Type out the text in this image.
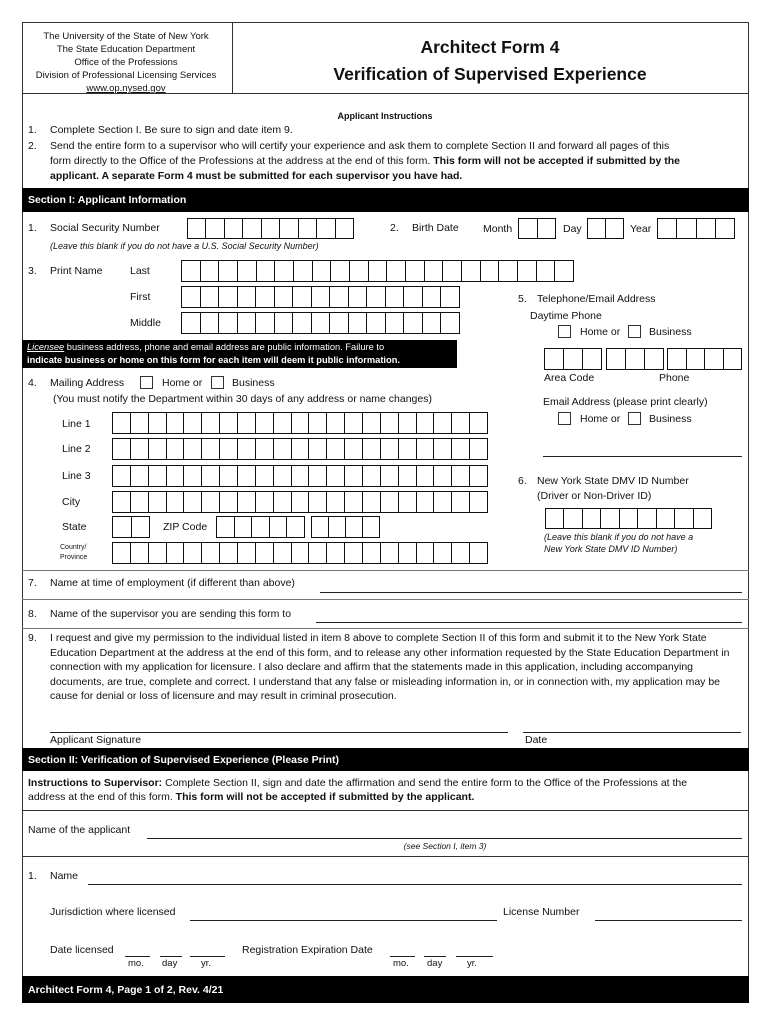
The University of the State of New York
The State Education Department
Office of the Professions
Division of Professional Licensing Services
www.op.nysed.gov
Architect Form 4
Verification of Supervised Experience
Applicant Instructions
1. Complete Section I. Be sure to sign and date item 9.
2. Send the entire form to a supervisor who will certify your experience and ask them to complete Section II and forward all pages of this
form directly to the Office of the Professions at the address at the end of this form. This form will not be accepted if submitted by the
applicant. A separate Form 4 must be submitted for each supervisor you have had.
Section I: Applicant Information
1. Social Security Number
(Leave this blank if you do not have a U.S. Social Security Number)
2. Birth Date Month	Day	Year
3. Print Name	Last
First
Middle
Licensee business address, phone and email address are public information. Failure to
indicate business or home on this form for each item will deem it public information.
4. Mailing Address	Home or	Business
(You must notify the Department within 30 days of any address or name changes)
Line 1
Line 2
Line 3
City
State	ZIP Code
Country/
Province
5. Telephone/Email Address
Daytime Phone
Home or	Business
Area Code	Phone
Email Address (please print clearly)
Home or	Business
6. New York State DMV ID Number
(Driver or Non-Driver ID)
(Leave this blank if you do not have a
New York State DMV ID Number)
7. Name at time of employment (if different than above)
8. Name of the supervisor you are sending this form to
9. I request and give my permission to the individual listed in item 8 above to complete Section II of this form and submit it to the New York State Education Department at the address at the end of this form, and to release any other information requested by the State Education Department in connection with my application for licensure. I also declare and affirm that the statements made in this application, including accompanying documents, are true, complete and correct. I understand that any false or misleading information in, or in connection with, my application may be cause for denial or loss of licensure and may result in criminal prosecution.
Applicant Signature	Date
Section II: Verification of Supervised Experience (Please Print)
Instructions to Supervisor: Complete Section II, sign and date the affirmation and send the entire form to the Office of the Professions at the
address at the end of this form. This form will not be accepted if submitted by the applicant.
Name of the applicant
(see Section I, item 3)
1. Name
Jurisdiction where licensed	License Number
Date licensed
mo. day yr.
Registration Expiration Date
mo. day	yr.
Architect Form 4, Page 1 of 2, Rev. 4/21
